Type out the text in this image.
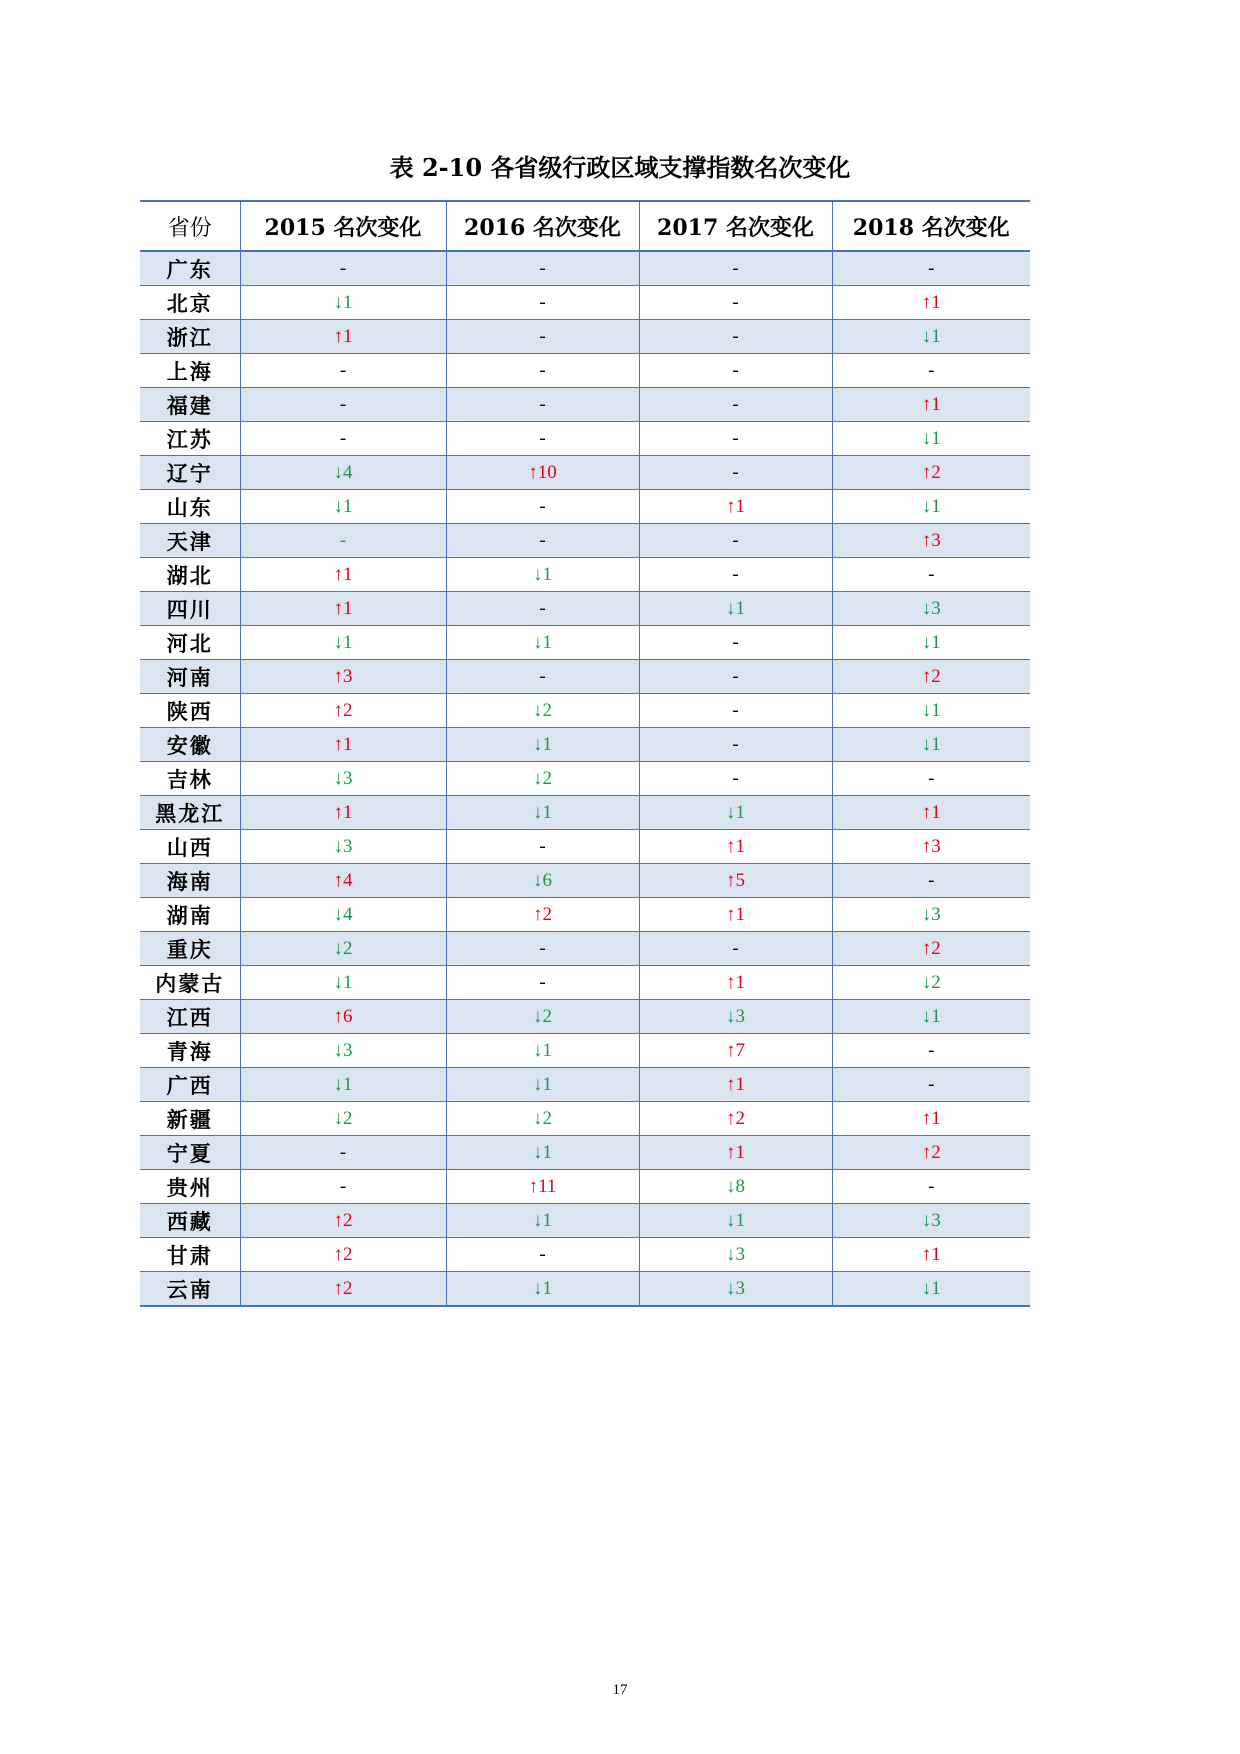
表 2-10 各省级行政区域支撑指数名次变化
省份	2015 名次变化	2016 名次变化	2017 名次变化	2018 名次变化
广东	-	-	-	-
北京	↓1	-	-	↑1
浙江	↑1	-	-	↓1
上海	-	-	-	-
福建	-	-	-	↑1
江苏	-	-	-	↓1
辽宁	↓4	↑10	-	↑2
山东	↓1	-	↑1	↓1
天津	-	-	-	↑3
湖北	↑1	↓1	-	-
四川	↑1	-	↓1	↓3
河北	↓1	↓1	-	↓1
河南	↑3	-	-	↑2
陕西	↑2	↓2	-	↓1
安徽	↑1	↓1	-	↓1
吉林	↓3	↓2	-	-
黑龙江	↑1	↓1	↓1	↑1
山西	↓3	-	↑1	↑3
海南	↑4	↓6	↑5	-
湖南	↓4	↑2	↑1	↓3
重庆	↓2	-	-	↑2
内蒙古	↓1	-	↑1	↓2
江西	↑6	↓2	↓3	↓1
青海	↓3	↓1	↑7	-
广西	↓1	↓1	↑1	-
新疆	↓2	↓2	↑2	↑1
宁夏	-	↓1	↑1	↑2
贵州	-	↑11	↓8	-
西藏	↑2	↓1	↓1	↓3
甘肃	↑2	-	↓3	↑1
云南	↑2	↓1	↓3	↓1
17
